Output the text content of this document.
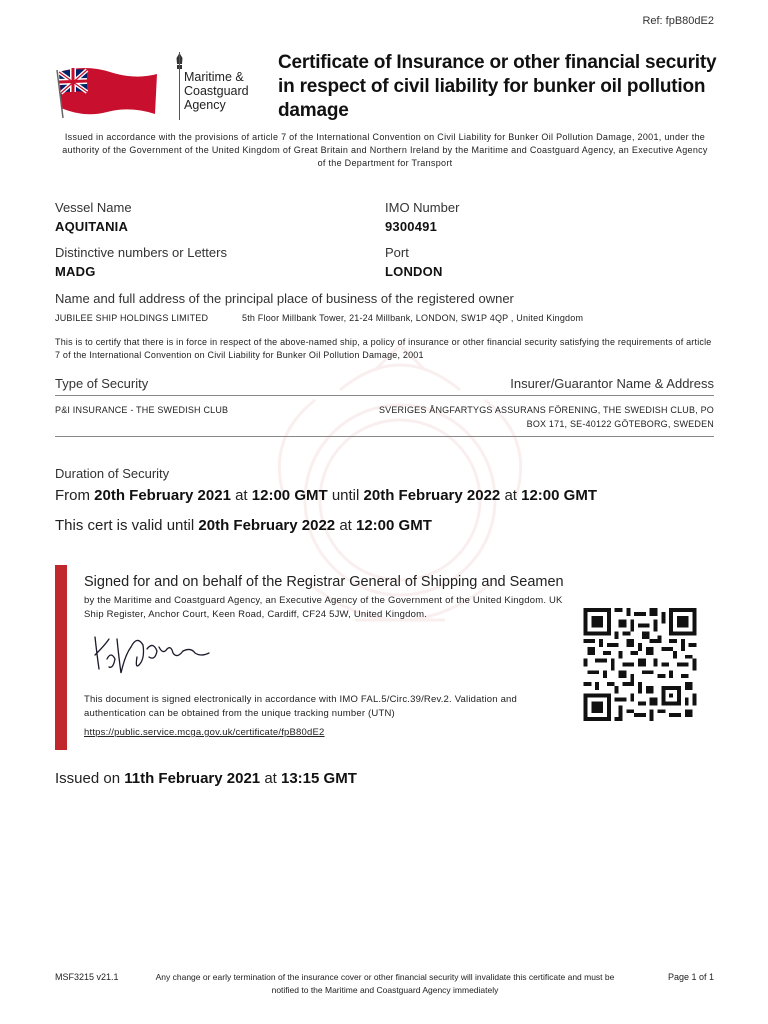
Ref: fpB80dE2
Maritime &
Coastguard
Agency
Certificate of Insurance or other financial security in respect of civil liability for bunker oil pollution damage
Issued in accordance with the provisions of article 7 of the International Convention on Civil Liability for Bunker Oil Pollution Damage, 2001, under the authority of the Government of the United Kingdom of Great Britain and Northern Ireland by the Maritime and Coastguard Agency, an Executive Agency of the Department for Transport
Vessel Name
AQUITANIA
IMO Number
9300491
Distinctive numbers or Letters
MADG
Port
LONDON
Name and full address of the principal place of business of the registered owner
JUBILEE SHIP HOLDINGS LIMITED	5th Floor Millbank Tower, 21-24 Millbank, LONDON, SW1P 4QP , United Kingdom
This is to certify that there is in force in respect of the above-named ship, a policy of insurance or other financial security satisfying the requirements of article 7 of the International Convention on Civil Liability for Bunker Oil Pollution Damage, 2001
Type of Security	Insurer/Guarantor Name & Address
P&I INSURANCE - THE SWEDISH CLUB	SVERIGES ÅNGFARTYGS ASSURANS FÖRENING, THE SWEDISH CLUB, PO
BOX 171, SE-40122 GÖTEBORG, SWEDEN
Duration of Security
From 20th February 2021 at 12:00 GMT until 20th February 2022 at 12:00 GMT
This cert is valid until 20th February 2022 at 12:00 GMT
Signed for and on behalf of the Registrar General of Shipping and Seamen
by the Maritime and Coastguard Agency, an Executive Agency of the Government of the United Kingdom. UK Ship Register, Anchor Court, Keen Road, Cardiff, CF24 5JW, United Kingdom.
This document is signed electronically in accordance with IMO FAL.5/Circ.39/Rev.2. Validation and authentication can be obtained from the unique tracking number (UTN)
https://public.service.mcga.gov.uk/certificate/fpB80dE2
Issued on 11th February 2021 at 13:15 GMT
MSF3215 v21.1	Any change or early termination of the insurance cover or other financial security will invalidate this certificate and must be notified to the Maritime and Coastguard Agency immediately
Page 1 of 1
